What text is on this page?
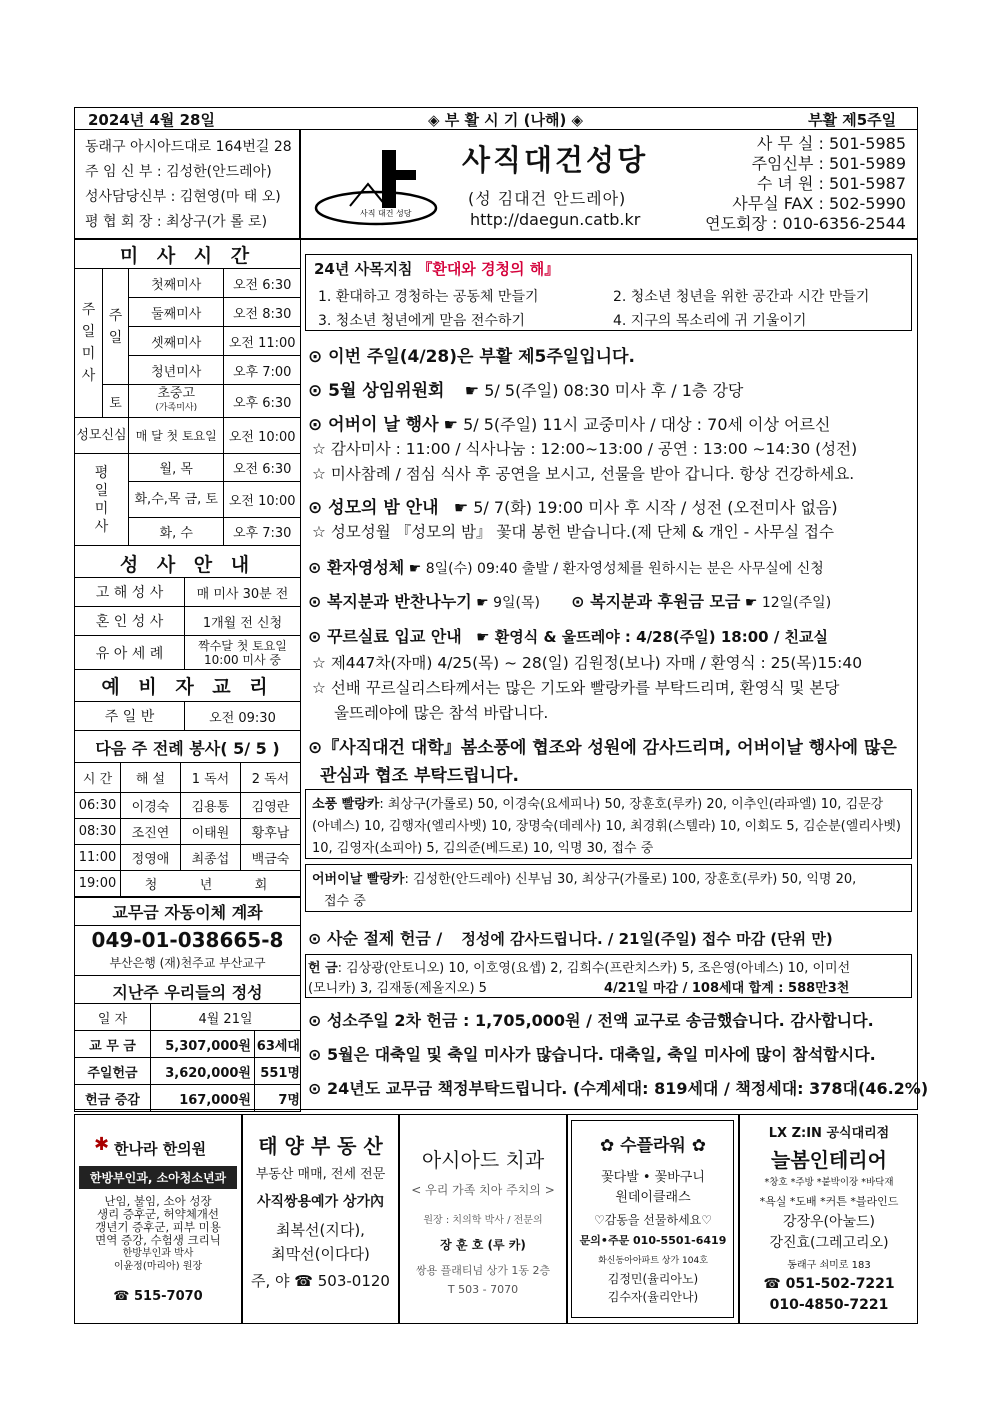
2024년 4월 28일	◈ 부 활 시 기 (나해) ◈	부활 제5주일
동래구 아시아드대로 164번길 28
주 임 신 부 : 김성한(안드레아)
성사담당신부 : 김현영(마 태 오)
평 협 회 장 : 최상구(가 롤 로)
사직 대건 성당
사직대건성당
(성 김대건 안드레아)
http://daegun.catb.kr
사 무 실 : 501-5985
주임신부 : 501-5989
수 녀 원 : 501-5987
사무실 FAX : 502-5990
연도회장 : 010-6356-2544
미 사 시 간
주
일
미
사	주
일	첫째미사	오전 6:30
		둘째미사	오전 8:30
		셋째미사	오전 11:00
		청년미사	오후 7:00
	토	초중고
(가족미사)	오후 6:30
성모신심		매 달 첫 토요일	오전 10:00
평
일
미
사		월, 목	오전 6:30
		화,수,목 금, 토	오전 10:00
		화, 수	오후 7:30
성 사 안 내
고 해 성 사	매 미사 30분 전
혼 인 성 사	1개월 전 신청
유 아 세 례	짝수달 첫 토요일 10:00 미사 중
예 비 자 교 리
주 일 반	오전 09:30
다음 주 전례 봉사( 5/ 5 )
시 간	해 설	1 독서	2 독서
06:30	이경숙	김용통	김영란
08:30	조진연	이태원	황후남
11:00	정영애	최종섭	백금숙
19:00	청 년 회		
교무금 자동이체 계좌
049-01-038665-8
부산은행 (재)천주교 부산교구
지난주 우리들의 정성
일 자	4월 21일	
교 무 금	5,307,000원	63세대
주일헌금	3,620,000원	551명
헌금 증감	167,000원	7명
24년 사목지침 『환대와 경청의 해』
1. 환대하고 경청하는 공동체 만들기	2. 청소년 청년을 위한 공간과 시간 만들기
3. 청소년 청년에게 맏음 전수하기	4. 지구의 목소리에 귀 기울이기
⊙ 이번 주일(4/28)은 부활 제5주일입니다.
⊙ 5월 상임위원회 ☛ 5/ 5(주일) 08:30 미사 후 / 1층 강당
⊙ 어버이 날 행사 ☛ 5/ 5(주일) 11시 교중미사 / 대상 : 70세 이상 어르신
☆ 감사미사 : 11:00 / 식사나눔 : 12:00~13:00 / 공연 : 13:00 ~14:30 (성전)
☆ 미사참례 / 점심 식사 후 공연을 보시고, 선물을 받아 갑니다. 항상 건강하세요.
⊙ 성모의 밤 안내 ☛ 5/ 7(화) 19:00 미사 후 시작 / 성전 (오전미사 없음)
☆ 성모성월 『성모의 밤』 꽃대 봉헌 받습니다.(제 단체 & 개인 - 사무실 접수
⊙ 환자영성체 ☛ 8일(수) 09:40 출발 / 환자영성체를 원하시는 분은 사무실에 신청
⊙ 복지분과 반찬나누기 ☛ 9일(목) ⊙ 복지분과 후원금 모금 ☛ 12일(주일)
⊙ 꾸르실료 입교 안내 ☛ 환영식 & 울뜨레야 : 4/28(주일) 18:00 / 친교실
☆ 제447차(자매) 4/25(목) ~ 28(일) 김원정(보나) 자매 / 환영식 : 25(목)15:40
☆ 선배 꾸르실리스타께서는 많은 기도와 빨랑카를 부탁드리며, 환영식 및 본당
울뜨레야에 많은 참석 바랍니다.
⊙『사직대건 대학』봄소풍에 협조와 성원에 감사드리며, 어버이날 행사에 많은
관심과 협조 부탁드립니다.
소풍 빨랑카: 최상구(가롤로) 50, 이경숙(요세피나) 50, 장훈호(루카) 20, 이추인(라파엘) 10, 김문강
(아녜스) 10, 김행자(엘리사벳) 10, 장명숙(데레사) 10, 최경휘(스텔라) 10, 이회도 5, 김순분(엘리사벳)
10, 김영자(소피아) 5, 김의준(베드로) 10, 익명 30, 접수 중
어버이날 빨랑카: 김성한(안드레아) 신부님 30, 최상구(가롤로) 100, 장훈호(루카) 50, 익명 20,
접수 중
⊙ 사순 절제 헌금 / 정성에 감사드립니다. / 21일(주일) 접수 마감 (단위 만)
헌 금: 김상광(안토니오) 10, 이호영(요셉) 2, 김희수(프란치스카) 5, 조은영(아녜스) 10, 이미선
(모니카) 3, 김재동(제올지오) 5	4/21일 마감 / 108세대 합계 : 588만3천
⊙ 성소주일 2차 헌금 : 1,705,000원 / 전액 교구로 송금했습니다. 감사합니다.
⊙ 5월은 대축일 및 축일 미사가 많습니다. 대축일, 축일 미사에 많이 참석합시다.
⊙ 24년도 교무금 책정부탁드립니다. (수계세대: 819세대 / 책정세대: 378대(46.2%)
✱ 한나라 한의원
한방부인과, 소아청소년과
난임, 불임, 소아 성장
생리 증후군, 허약체개선
갱년기 증후군, 피부 미용
면역 증강, 수험생 크리닉
한방부인과 박사
이윤정(마리아) 원장
☎ 515-7070
태 양 부 동 산
부동산 매매, 전세 전문
사직쌍용예가 상가內
최복선(지다),
최막선(이다다)
주, 야 ☎ 503-0120
아시아드 치과
< 우리 가족 치아 주치의 >
원장 : 치의학 박사 / 전문의
장 훈 호 (루 카)
쌍용 플래티넘 상가 1동 2층
T 503 - 7070
✿ 수플라워 ✿
꽃다발 • 꽃바구니
원데이클래스
♡감동을 선물하세요♡
문의•주문 010-5501-6419
화신동아아파트 상가 104호
김정민(율리아노)
김수자(율리안나)
LX Z:IN 공식대리점
늘봄인테리어
*창호 *주방 *붙박이장 *바닥재
*욕실 *도배 *커튼 *블라인드
강장우(아눌드)
강진효(그레고리오)
동래구 쇠미로 183
☎ 051-502-7221
010-4850-7221
